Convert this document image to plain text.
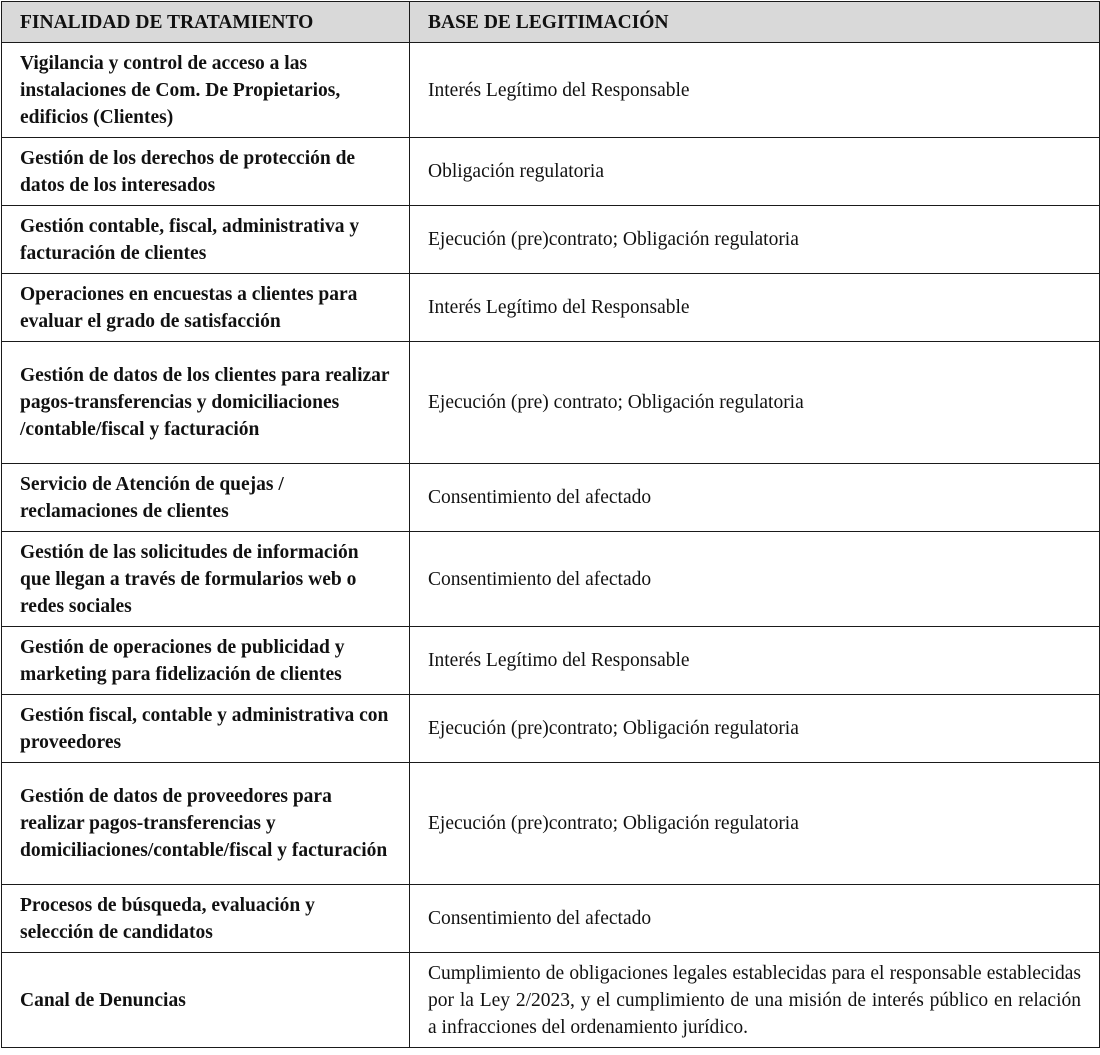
FINALIDAD DE TRATAMIENTO	BASE DE LEGITIMACIÓN
Vigilancia y control de acceso a las instalaciones de Com. De Propietarios, edificios (Clientes)	Interés Legítimo del Responsable
Gestión de los derechos de protección de datos de los interesados	Obligación regulatoria
Gestión contable, fiscal, administrativa y facturación de clientes	Ejecución (pre)contrato; Obligación regulatoria
Operaciones en encuestas a clientes para evaluar el grado de satisfacción	Interés Legítimo del Responsable
Gestión de datos de los clientes para realizar pagos-transferencias y domiciliaciones /contable/fiscal y facturación	Ejecución (pre) contrato; Obligación regulatoria
Servicio de Atención de quejas / reclamaciones de clientes	Consentimiento del afectado
Gestión de las solicitudes de información que llegan a través de formularios web o redes sociales	Consentimiento del afectado
Gestión de operaciones de publicidad y marketing para fidelización de clientes	Interés Legítimo del Responsable
Gestión fiscal, contable y administrativa con proveedores	Ejecución (pre)contrato; Obligación regulatoria
Gestión de datos de proveedores para realizar pagos-transferencias y domiciliaciones/contable/fiscal y facturación	Ejecución (pre)contrato; Obligación regulatoria
Procesos de búsqueda, evaluación y selección de candidatos	Consentimiento del afectado
Canal de Denuncias	Cumplimiento de obligaciones legales establecidas para el responsable establecidas por la Ley 2/2023, y el cumplimiento de una misión de interés público en relación a infracciones del ordenamiento jurídico.
